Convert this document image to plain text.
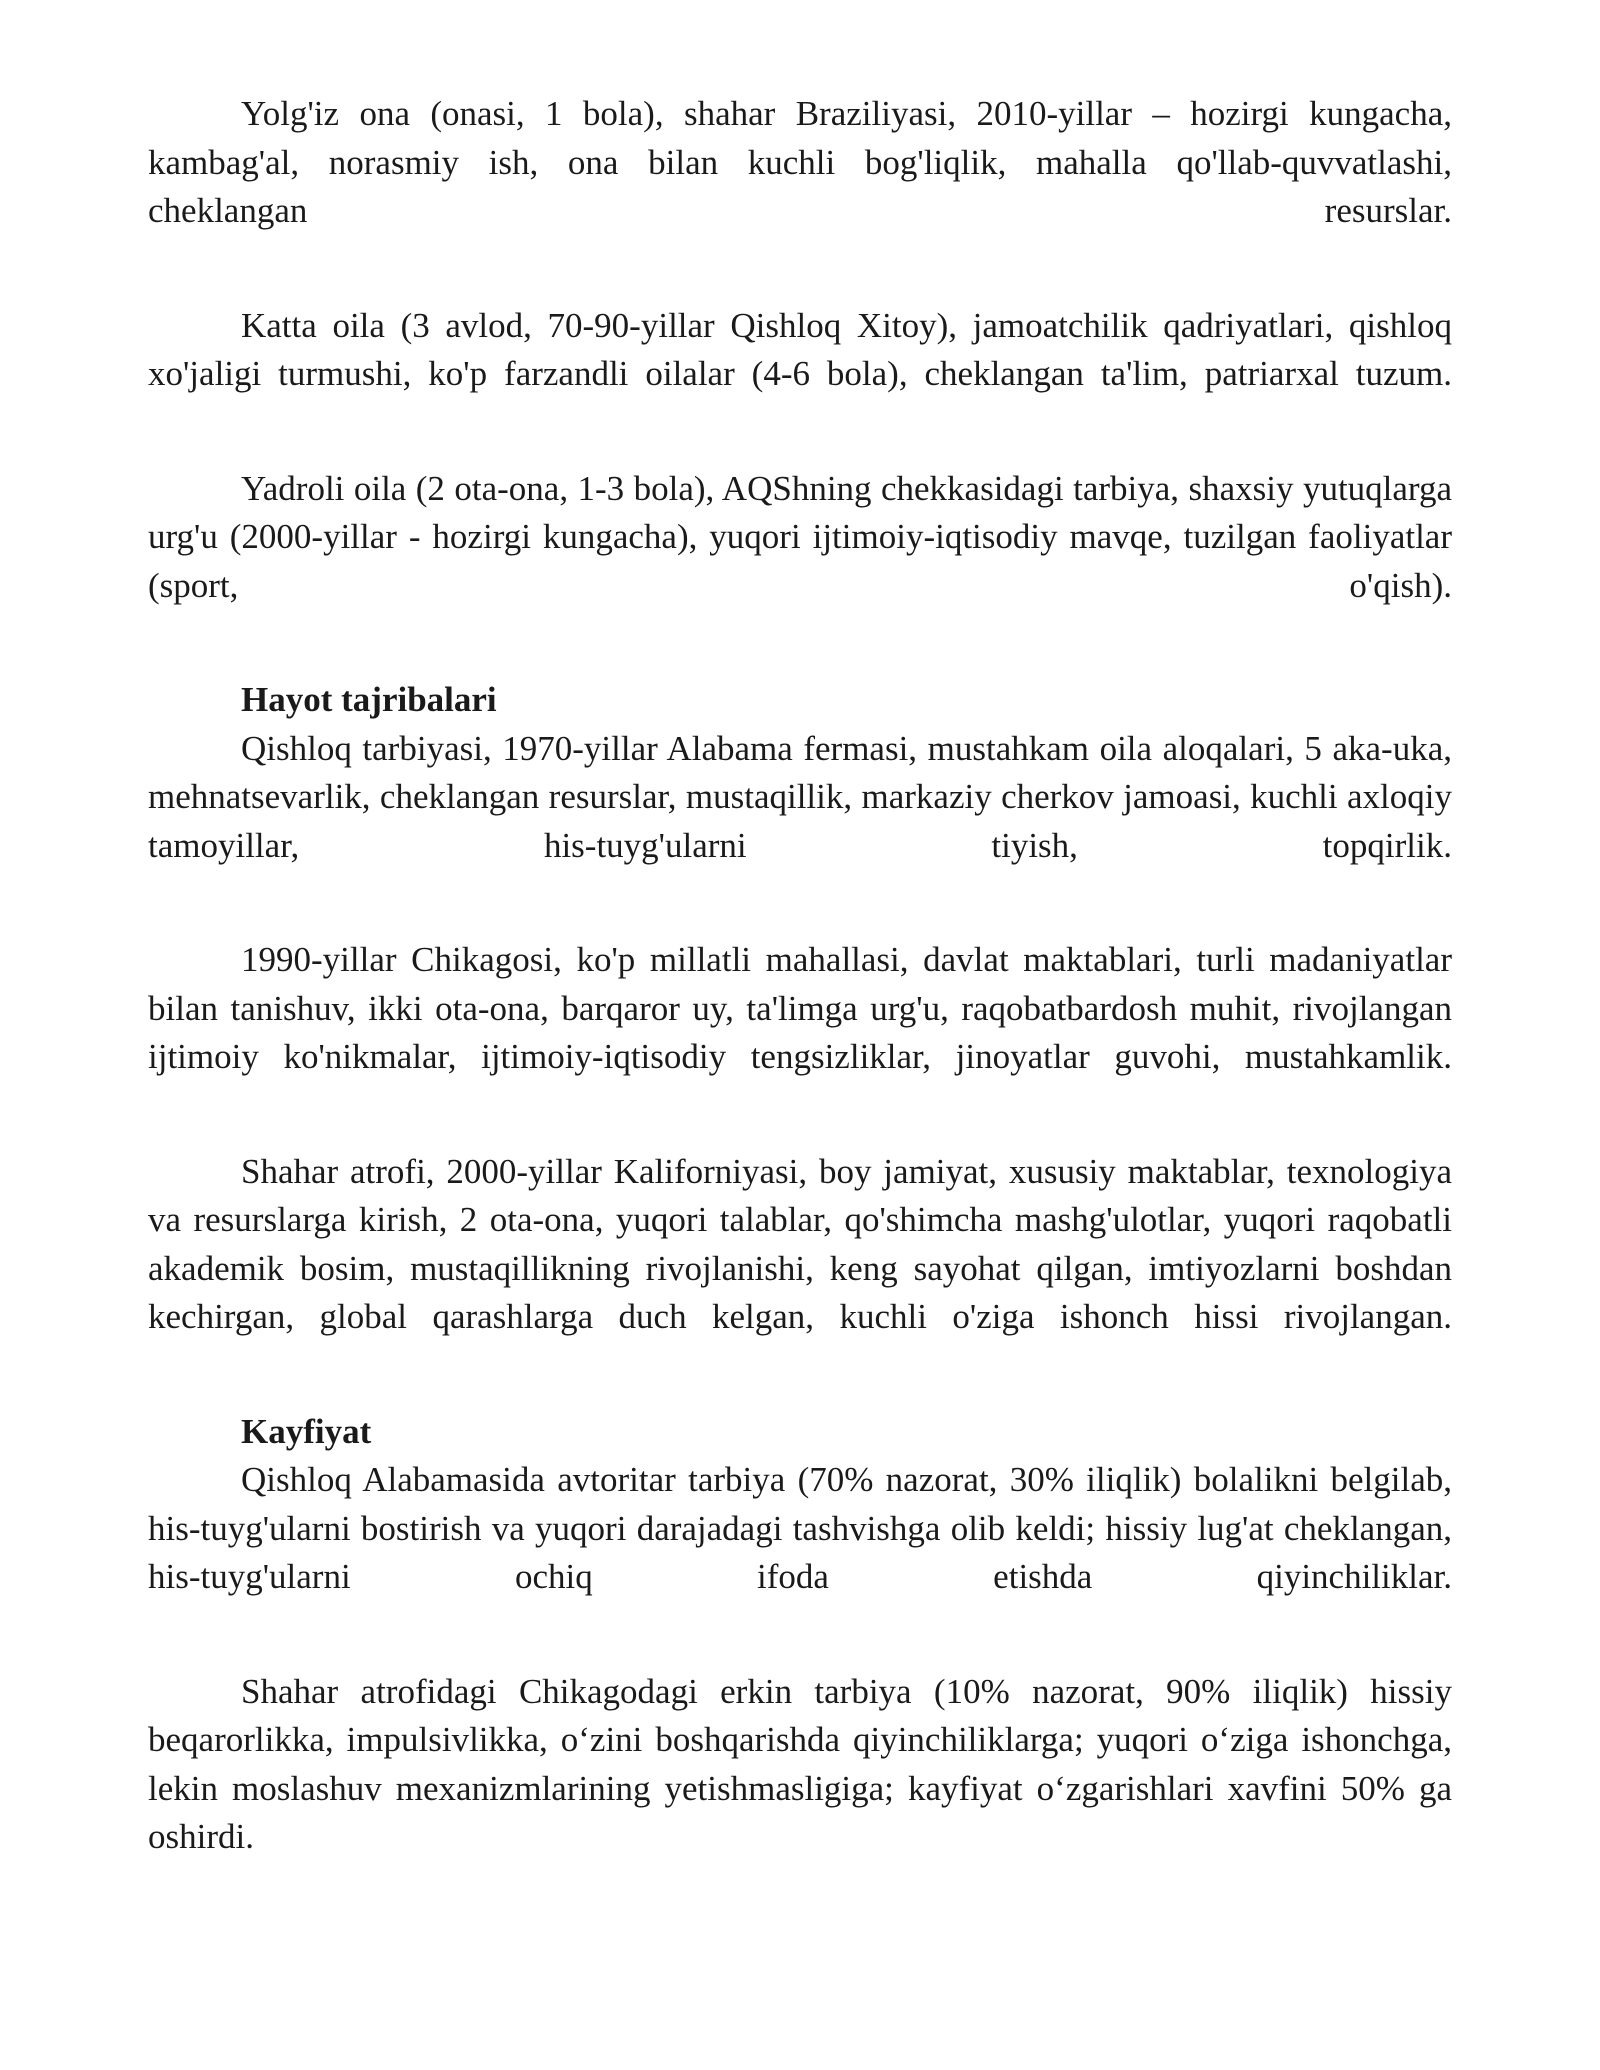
Yolg'iz ona (onasi, 1 bola), shahar Braziliyasi, 2010-yillar – hozirgi kungacha, kambag'al, norasmiy ish, ona bilan kuchli bog'liqlik, mahalla qo'llab-quvvatlashi, cheklangan resurslar.

Katta oila (3 avlod, 70-90-yillar Qishloq Xitoy), jamoatchilik qadriyatlari, qishloq xo'jaligi turmushi, ko'p farzandli oilalar (4-6 bola), cheklangan ta'lim, patriarxal tuzum.

Yadroli oila (2 ota-ona, 1-3 bola), AQShning chekkasidagi tarbiya, shaxsiy yutuqlarga urg'u (2000-yillar - hozirgi kungacha), yuqori ijtimoiy-iqtisodiy mavqe, tuzilgan faoliyatlar (sport, o'qish).

Hayot tajribalari

Qishloq tarbiyasi, 1970-yillar Alabama fermasi, mustahkam oila aloqalari, 5 aka-uka, mehnatsevarlik, cheklangan resurslar, mustaqillik, markaziy cherkov jamoasi, kuchli axloqiy tamoyillar, his-tuyg'ularni tiyish, topqirlik.

1990-yillar Chikagosi, ko'p millatli mahallasi, davlat maktablari, turli madaniyatlar bilan tanishuv, ikki ota-ona, barqaror uy, ta'limga urg'u, raqobatbardosh muhit, rivojlangan ijtimoiy ko'nikmalar, ijtimoiy-iqtisodiy tengsizliklar, jinoyatlar guvohi, mustahkamlik.

Shahar atrofi, 2000-yillar Kaliforniyasi, boy jamiyat, xususiy maktablar, texnologiya va resurslarga kirish, 2 ota-ona, yuqori talablar, qo'shimcha mashg'ulotlar, yuqori raqobatli akademik bosim, mustaqillikning rivojlanishi, keng sayohat qilgan, imtiyozlarni boshdan kechirgan, global qarashlarga duch kelgan, kuchli o'ziga ishonch hissi rivojlangan.

Kayfiyat

Qishloq Alabamasida avtoritar tarbiya (70% nazorat, 30% iliqlik) bolalikni belgilab, his-tuyg'ularni bostirish va yuqori darajadagi tashvishga olib keldi; hissiy lug'at cheklangan, his-tuyg'ularni ochiq ifoda etishda qiyinchiliklar.

Shahar atrofidagi Chikagodagi erkin tarbiya (10% nazorat, 90% iliqlik) hissiy beqarorlikka, impulsivlikka, o‘zini boshqarishda qiyinchiliklarga; yuqori o‘ziga ishonchga, lekin moslashuv mexanizmlarining yetishmasligiga; kayfiyat o‘zgarishlari xavfini 50% ga oshirdi.
